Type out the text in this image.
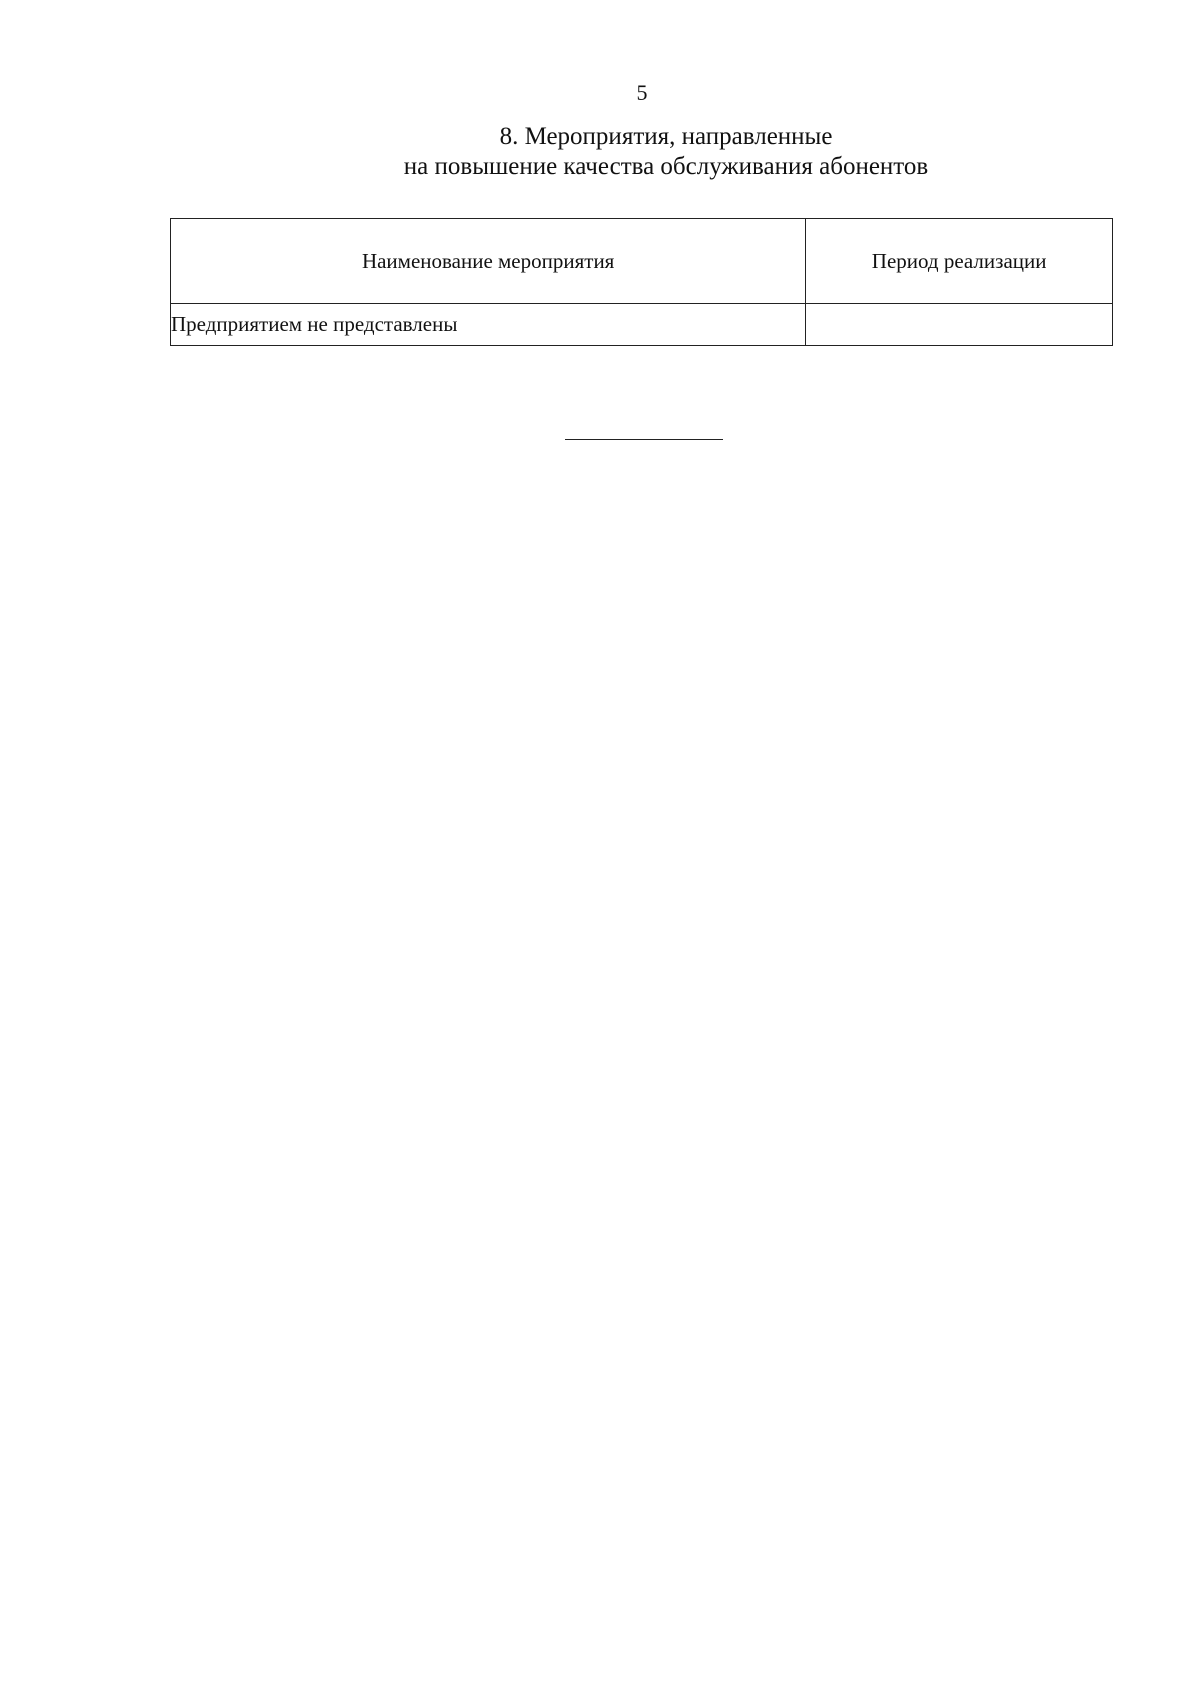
5
8. Мероприятия, направленные
на повышение качества обслуживания абонентов
Наименование мероприятия	Период реализации
Предприятием не представлены	
